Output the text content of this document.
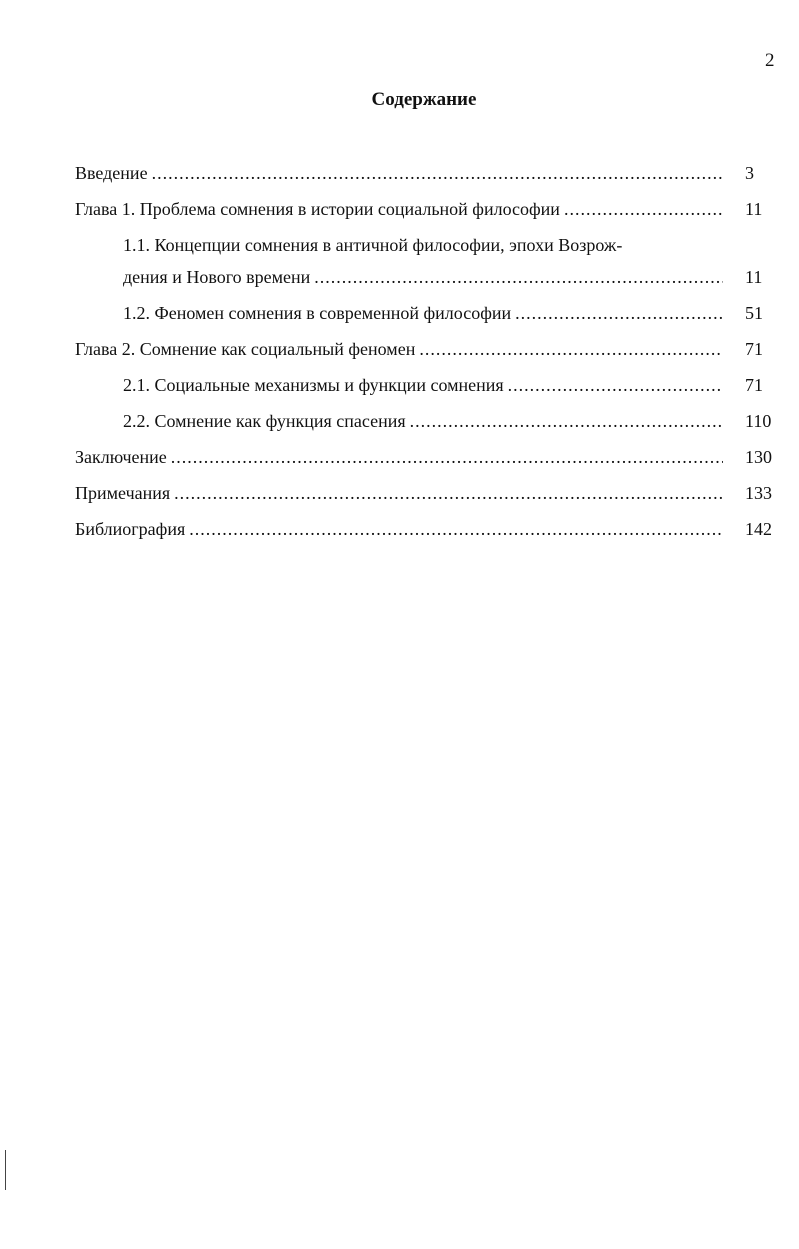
2
Содержание
Введение .....	3
Глава 1. Проблема сомнения в истории социальной философии .....	11
1.1. Концепции сомнения в античной философии, эпохи Возрож-
дения и Нового времени .....	11
1.2. Феномен сомнения в современной философии .....	51
Глава 2. Сомнение как социальный феномен .....	71
2.1. Социальные механизмы и функции сомнения .....	71
2.2. Сомнение как функция спасения .....	110
Заключение .....	130
Примечания .....	133
Библиография .....	142
